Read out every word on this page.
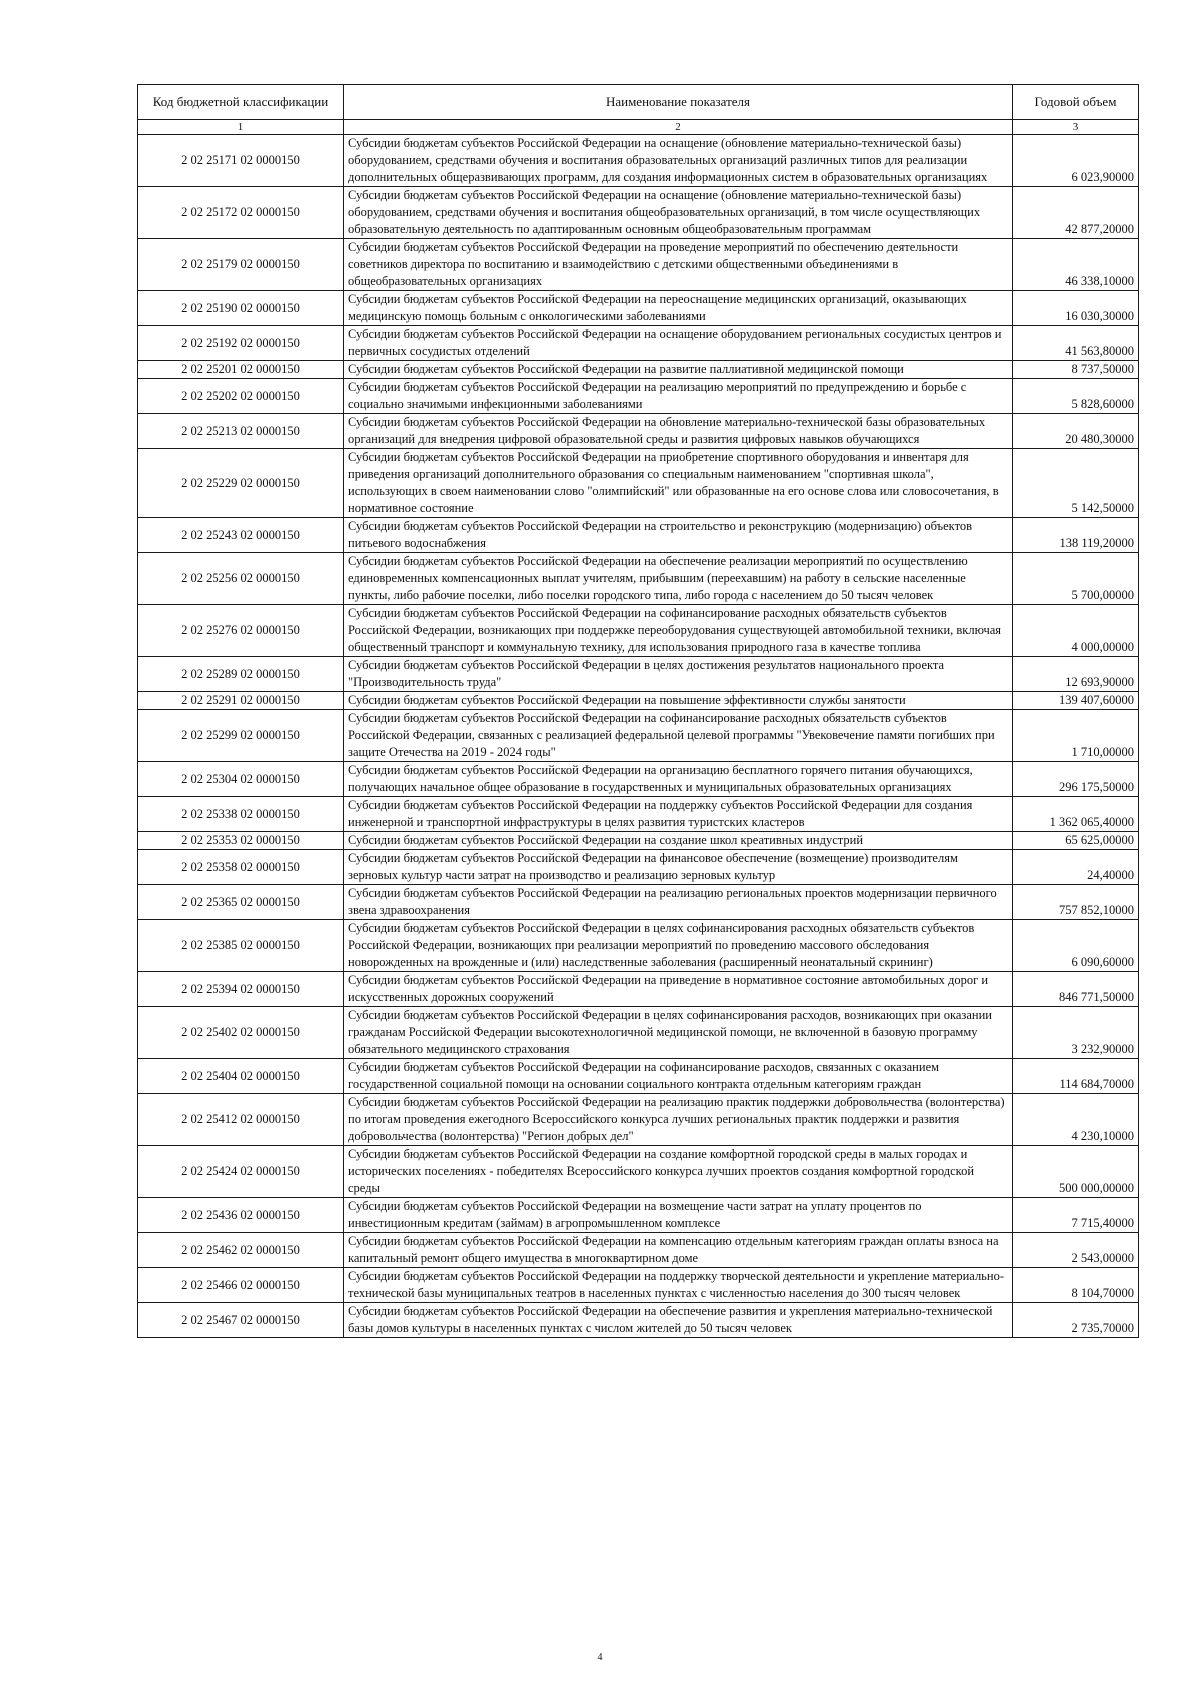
Код бюджетной классификации	Наименование показателя	Годовой объем
1	2	3
2 02 25171 02 0000150	Субсидии бюджетам субъектов Российской Федерации на оснащение (обновление материально-технической базы) оборудованием, средствами обучения и воспитания образовательных организаций различных типов для реализации дополнительных общеразвивающих программ, для создания информационных систем в образовательных организациях	6 023,90000
2 02 25172 02 0000150	Субсидии бюджетам субъектов Российской Федерации на оснащение (обновление материально-технической базы) оборудованием, средствами обучения и воспитания общеобразовательных организаций, в том числе осуществляющих образовательную деятельность по адаптированным основным общеобразовательным программам	42 877,20000
2 02 25179 02 0000150	Субсидии бюджетам субъектов Российской Федерации на проведение мероприятий по обеспечению деятельности советников директора по воспитанию и взаимодействию с детскими общественными объединениями в общеобразовательных организациях	46 338,10000
2 02 25190 02 0000150	Субсидии бюджетам субъектов Российской Федерации на переоснащение медицинских организаций, оказывающих медицинскую помощь больным с онкологическими заболеваниями	16 030,30000
2 02 25192 02 0000150	Субсидии бюджетам субъектов Российской Федерации на оснащение оборудованием региональных сосудистых центров и первичных сосудистых отделений	41 563,80000
2 02 25201 02 0000150	Субсидии бюджетам субъектов Российской Федерации на развитие паллиативной медицинской помощи	8 737,50000
2 02 25202 02 0000150	Субсидии бюджетам субъектов Российской Федерации на реализацию мероприятий по предупреждению и борьбе с социально значимыми инфекционными заболеваниями	5 828,60000
2 02 25213 02 0000150	Субсидии бюджетам субъектов Российской Федерации на обновление материально-технической базы образовательных организаций для внедрения цифровой образовательной среды и развития цифровых навыков обучающихся	20 480,30000
2 02 25229 02 0000150	Субсидии бюджетам субъектов Российской Федерации на приобретение спортивного оборудования и инвентаря для приведения организаций дополнительного образования со специальным наименованием "спортивная школа", использующих в своем наименовании слово "олимпийский" или образованные на его основе слова или словосочетания, в нормативное состояние	5 142,50000
2 02 25243 02 0000150	Субсидии бюджетам субъектов Российской Федерации на строительство и реконструкцию (модернизацию) объектов питьевого водоснабжения	138 119,20000
2 02 25256 02 0000150	Субсидии бюджетам субъектов Российской Федерации на обеспечение реализации мероприятий по осуществлению единовременных компенсационных выплат учителям, прибывшим (переехавшим) на работу в сельские населенные пункты, либо рабочие поселки, либо поселки городского типа, либо города с населением до 50 тысяч человек	5 700,00000
2 02 25276 02 0000150	Субсидии бюджетам субъектов Российской Федерации на софинансирование расходных обязательств субъектов Российской Федерации, возникающих при поддержке переоборудования существующей автомобильной техники, включая общественный транспорт и коммунальную технику, для использования природного газа в качестве топлива	4 000,00000
2 02 25289 02 0000150	Субсидии бюджетам субъектов Российской Федерации в целях достижения результатов национального проекта "Производительность труда"	12 693,90000
2 02 25291 02 0000150	Субсидии бюджетам субъектов Российской Федерации на повышение эффективности службы занятости	139 407,60000
2 02 25299 02 0000150	Субсидии бюджетам субъектов Российской Федерации на софинансирование расходных обязательств субъектов Российской Федерации, связанных с реализацией федеральной целевой программы "Увековечение памяти погибших при защите Отечества на 2019 - 2024 годы"	1 710,00000
2 02 25304 02 0000150	Субсидии бюджетам субъектов Российской Федерации на организацию бесплатного горячего питания обучающихся, получающих начальное общее образование в государственных и муниципальных образовательных организациях	296 175,50000
2 02 25338 02 0000150	Субсидии бюджетам субъектов Российской Федерации на поддержку субъектов Российской Федерации для создания инженерной и транспортной инфраструктуры в целях развития туристских кластеров	1 362 065,40000
2 02 25353 02 0000150	Субсидии бюджетам субъектов Российской Федерации на создание школ креативных индустрий	65 625,00000
2 02 25358 02 0000150	Субсидии бюджетам субъектов Российской Федерации на финансовое обеспечение (возмещение) производителям зерновых культур части затрат на производство и реализацию зерновых культур	24,40000
2 02 25365 02 0000150	Субсидии бюджетам субъектов Российской Федерации на реализацию региональных проектов модернизации первичного звена здравоохранения	757 852,10000
2 02 25385 02 0000150	Субсидии бюджетам субъектов Российской Федерации в целях софинансирования расходных обязательств субъектов Российской Федерации, возникающих при реализации мероприятий по проведению массового обследования новорожденных на врожденные и (или) наследственные заболевания (расширенный неонатальный скрининг)	6 090,60000
2 02 25394 02 0000150	Субсидии бюджетам субъектов Российской Федерации на приведение в нормативное состояние автомобильных дорог и искусственных дорожных сооружений	846 771,50000
2 02 25402 02 0000150	Субсидии бюджетам субъектов Российской Федерации в целях софинансирования расходов, возникающих при оказании гражданам Российской Федерации высокотехнологичной медицинской помощи, не включенной в базовую программу обязательного медицинского страхования	3 232,90000
2 02 25404 02 0000150	Субсидии бюджетам субъектов Российской Федерации на софинансирование расходов, связанных с оказанием государственной социальной помощи на основании социального контракта отдельным категориям граждан	114 684,70000
2 02 25412 02 0000150	Субсидии бюджетам субъектов Российской Федерации на реализацию практик поддержки добровольчества (волонтерства) по итогам проведения ежегодного Всероссийского конкурса лучших региональных практик поддержки и развития добровольчества (волонтерства) "Регион добрых дел"	4 230,10000
2 02 25424 02 0000150	Субсидии бюджетам субъектов Российской Федерации на создание комфортной городской среды в малых городах и исторических поселениях - победителях Всероссийского конкурса лучших проектов создания комфортной городской среды	500 000,00000
2 02 25436 02 0000150	Субсидии бюджетам субъектов Российской Федерации на возмещение части затрат на уплату процентов по инвестиционным кредитам (займам) в агропромышленном комплексе	7 715,40000
2 02 25462 02 0000150	Субсидии бюджетам субъектов Российской Федерации на компенсацию отдельным категориям граждан оплаты взноса на капитальный ремонт общего имущества в многоквартирном доме	2 543,00000
2 02 25466 02 0000150	Субсидии бюджетам субъектов Российской Федерации на поддержку творческой деятельности и укрепление материально-технической базы муниципальных театров в населенных пунктах с численностью населения до 300 тысяч человек	8 104,70000
2 02 25467 02 0000150	Субсидии бюджетам субъектов Российской Федерации на обеспечение развития и укрепления материально-технической базы домов культуры в населенных пунктах с числом жителей до 50 тысяч человек	2 735,70000
4
